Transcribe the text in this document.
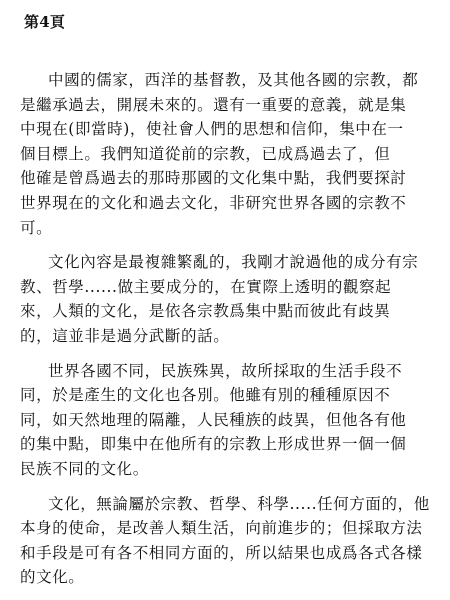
第4頁
中國的儒家，西洋的基督教，及其他各國的宗教，都
是繼承過去，開展未來的。還有一重要的意義，就是集
中現在(即當時)，使社會人們的思想和信仰，集中在一
個目標上。我們知道從前的宗教，已成爲過去了，但
他確是曾爲過去的那時那國的文化集中點，我們要探討
世界現在的文化和過去文化，非研究世界各國的宗教不
可。
文化內容是最複雜繁亂的，我剛才說過他的成分有宗
教、哲學......做主要成分的，在實際上透明的觀察起
來，人類的文化，是依各宗教爲集中點而彼此有歧異
的，這並非是過分武斷的話。
世界各國不同，民族殊異，故所採取的生活手段不
同，於是產生的文化也各別。他雖有別的種種原因不
同，如天然地理的隔離，人民種族的歧異，但他各有他
的集中點，即集中在他所有的宗教上形成世界一個一個
民族不同的文化。
文化，無論屬於宗教、哲學、科學.....任何方面的，他
本身的使命，是改善人類生活，向前進步的；但採取方法
和手段是可有各不相同方面的，所以結果也成爲各式各樣
的文化。
